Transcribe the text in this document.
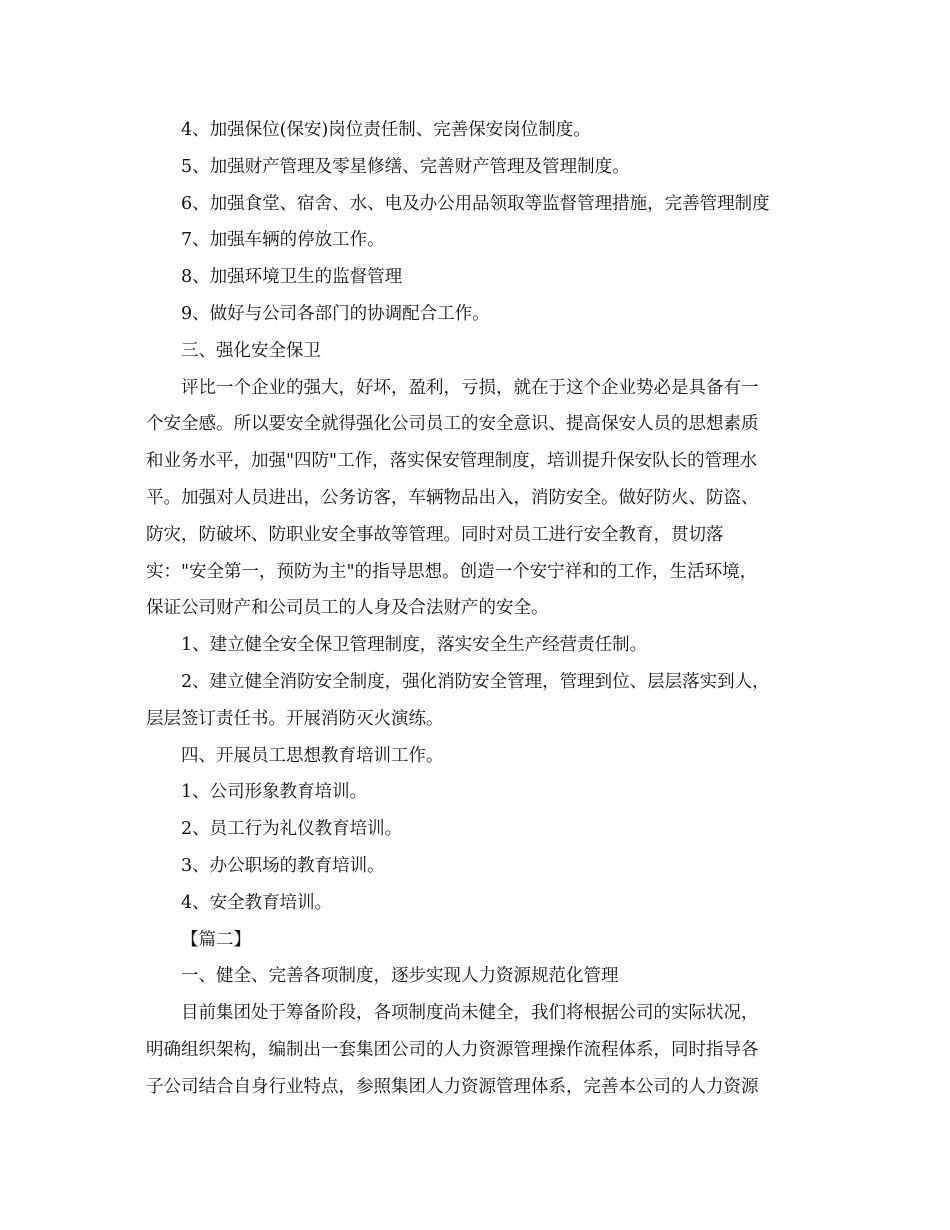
4、加强保位(保安)岗位责任制、完善保安岗位制度。
5、加强财产管理及零星修缮、完善财产管理及管理制度。
6、加强食堂、宿舍、水、电及办公用品领取等监督管理措施，完善管理制度
7、加强车辆的停放工作。
8、加强环境卫生的监督管理
9、做好与公司各部门的协调配合工作。
三、强化安全保卫
评比一个企业的强大，好坏，盈利，亏损，就在于这个企业势必是具备有一
个安全感。所以要安全就得强化公司员工的安全意识、提高保安人员的思想素质
和业务水平，加强"四防"工作，落实保安管理制度，培训提升保安队长的管理水
平。加强对人员进出，公务访客，车辆物品出入，消防安全。做好防火、防盗、
防灾，防破坏、防职业安全事故等管理。同时对员工进行安全教育，贯切落
实："安全第一，预防为主"的指导思想。创造一个安宁祥和的工作，生活环境，
保证公司财产和公司员工的人身及合法财产的安全。
1、建立健全安全保卫管理制度，落实安全生产经营责任制。
2、建立健全消防安全制度，强化消防安全管理，管理到位、层层落实到人，
层层签订责任书。开展消防灭火演练。
四、开展员工思想教育培训工作。
1、公司形象教育培训。
2、员工行为礼仪教育培训。
3、办公职场的教育培训。
4、安全教育培训。
【篇二】
一、健全、完善各项制度，逐步实现人力资源规范化管理
目前集团处于筹备阶段，各项制度尚未健全，我们将根据公司的实际状况，
明确组织架构，编制出一套集团公司的人力资源管理操作流程体系，同时指导各
子公司结合自身行业特点，参照集团人力资源管理体系，完善本公司的人力资源
